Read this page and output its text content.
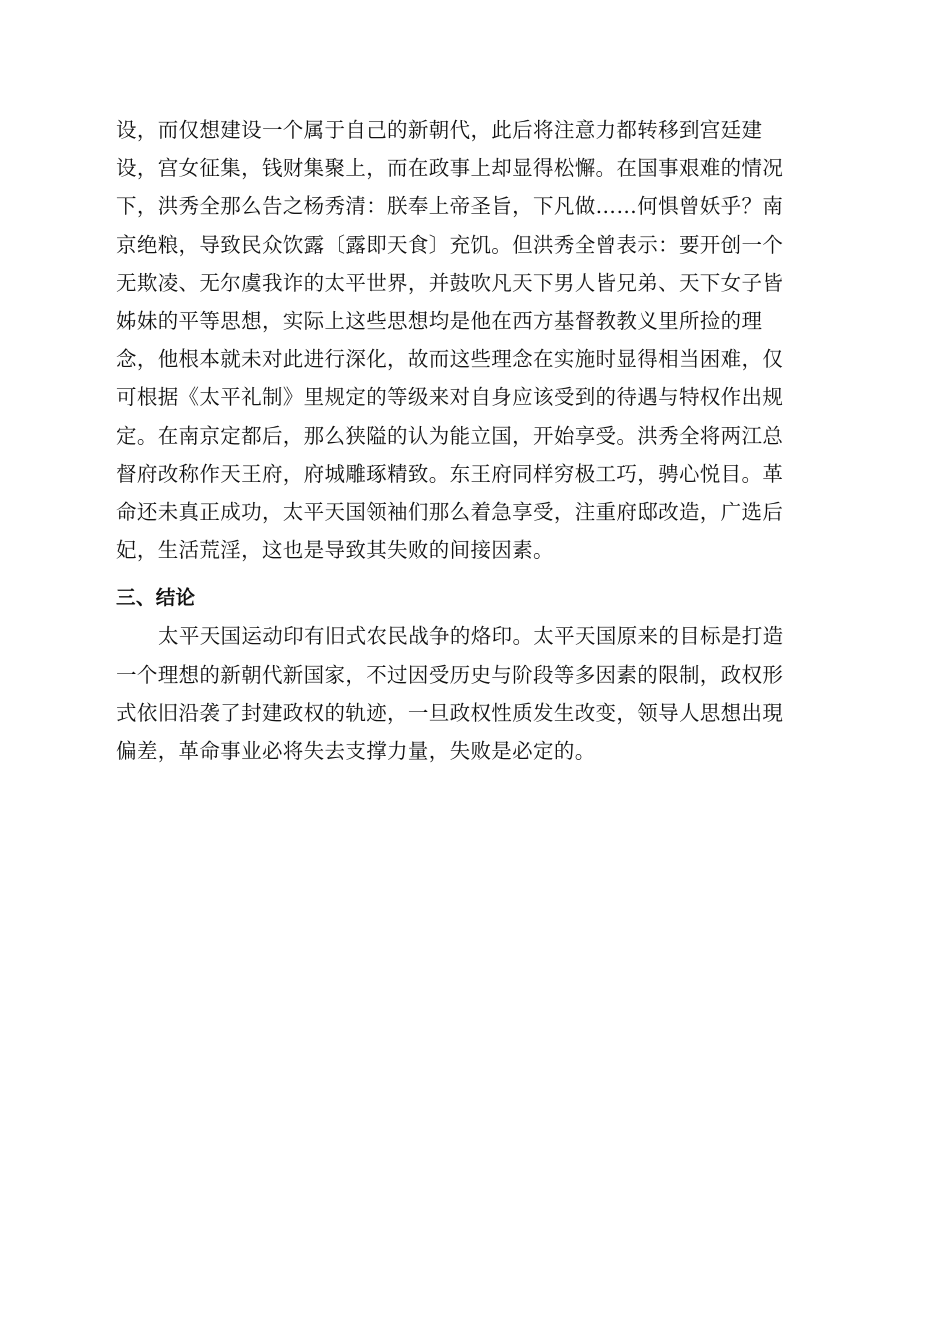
设，而仅想建设一个属于自己的新朝代，此后将注意力都转移到宫廷建
设，宫女征集，钱财集聚上，而在政事上却显得松懈。在国事艰难的情况
下，洪秀全那么告之杨秀清：朕奉上帝圣旨，下凡做……何惧曾妖乎？南
京绝粮，导致民众饮露〔露即天食〕充饥。但洪秀全曾表示：要开创一个
无欺凌、无尔虞我诈的太平世界，并鼓吹凡天下男人皆兄弟、天下女子皆
姊妹的平等思想，实际上这些思想均是他在西方基督教教义里所捡的理
念，他根本就未对此进行深化，故而这些理念在实施时显得相当困难，仅
可根据《太平礼制》里规定的等级来对自身应该受到的待遇与特权作出规
定。在南京定都后，那么狭隘的认为能立国，开始享受。洪秀全将两江总
督府改称作天王府，府城雕琢精致。东王府同样穷极工巧，骋心悦目。革
命还未真正成功，太平天国领袖们那么着急享受，注重府邸改造，广选后
妃，生活荒淫，这也是导致其失败的间接因素。
三、结论
太平天国运动印有旧式农民战争的烙印。太平天国原来的目标是打造
一个理想的新朝代新国家，不过因受历史与阶段等多因素的限制，政权形
式依旧沿袭了封建政权的轨迹，一旦政权性质发生改变，领导人思想出現
偏差，革命事业必将失去支撑力量，失败是必定的。
